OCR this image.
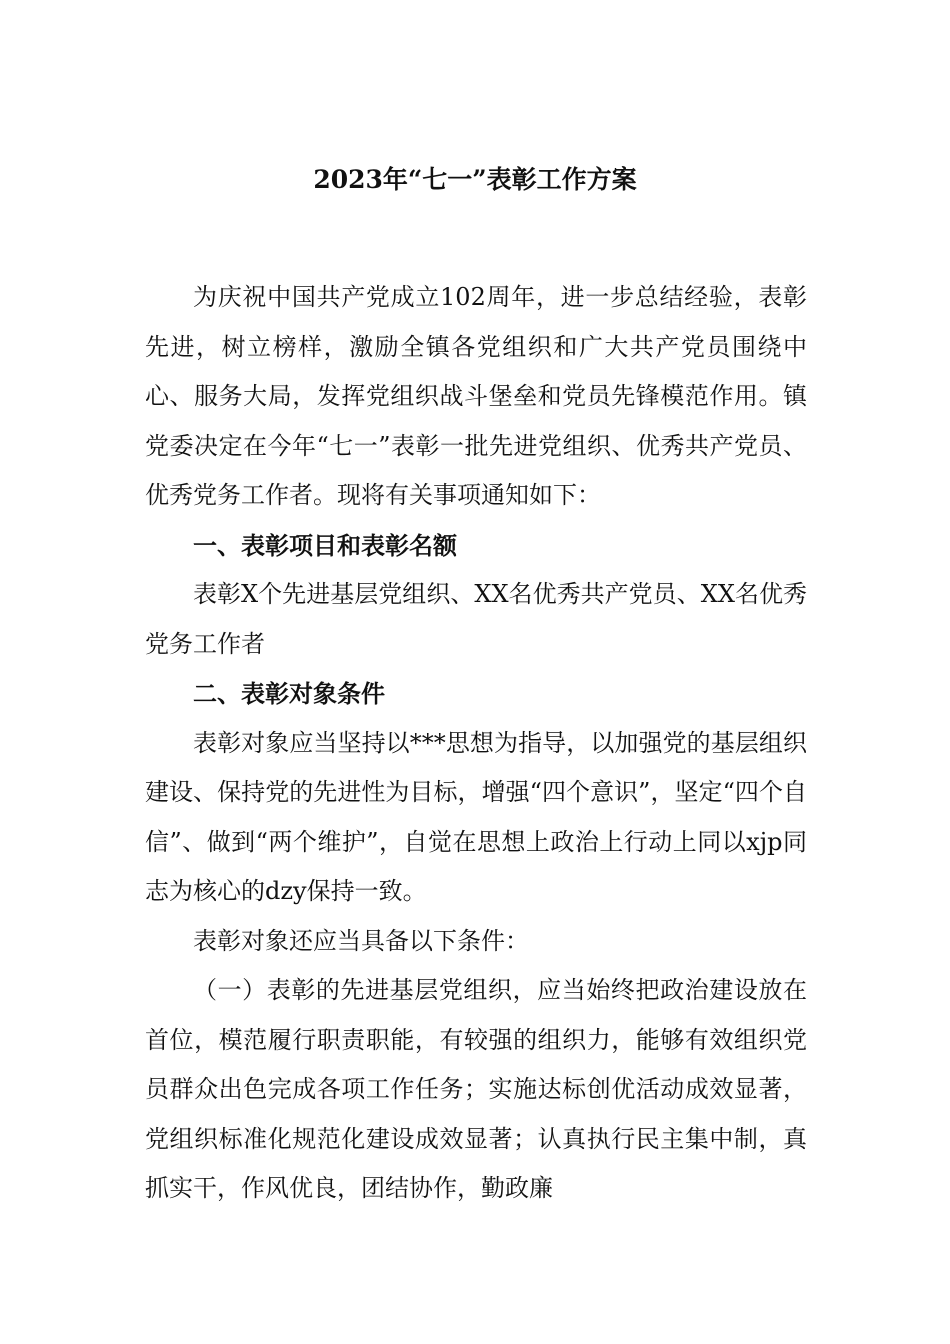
2023年“七一”表彰工作方案

为庆祝中国共产党成立102周年，进一步总结经验，表彰先进，树立榜样，激励全镇各党组织和广大共产党员围绕中心、服务大局，发挥党组织战斗堡垒和党员先锋模范作用。镇党委决定在今年“七一”表彰一批先进党组织、优秀共产党员、优秀党务工作者。现将有关事项通知如下：

一、表彰项目和表彰名额

表彰X个先进基层党组织、XX名优秀共产党员、XX名优秀党务工作者

二、表彰对象条件

表彰对象应当坚持以***思想为指导，以加强党的基层组织建设、保持党的先进性为目标，增强“四个意识”，坚定“四个自信”、做到“两个维护”，自觉在思想上政治上行动上同以xjp同志为核心的dzy保持一致。

表彰对象还应当具备以下条件：

（一）表彰的先进基层党组织，应当始终把政治建设放在首位，模范履行职责职能，有较强的组织力，能够有效组织党员群众出色完成各项工作任务；实施达标创优活动成效显著，党组织标准化规范化建设成效显著；认真执行民主集中制，真抓实干，作风优良，团结协作，勤政廉
